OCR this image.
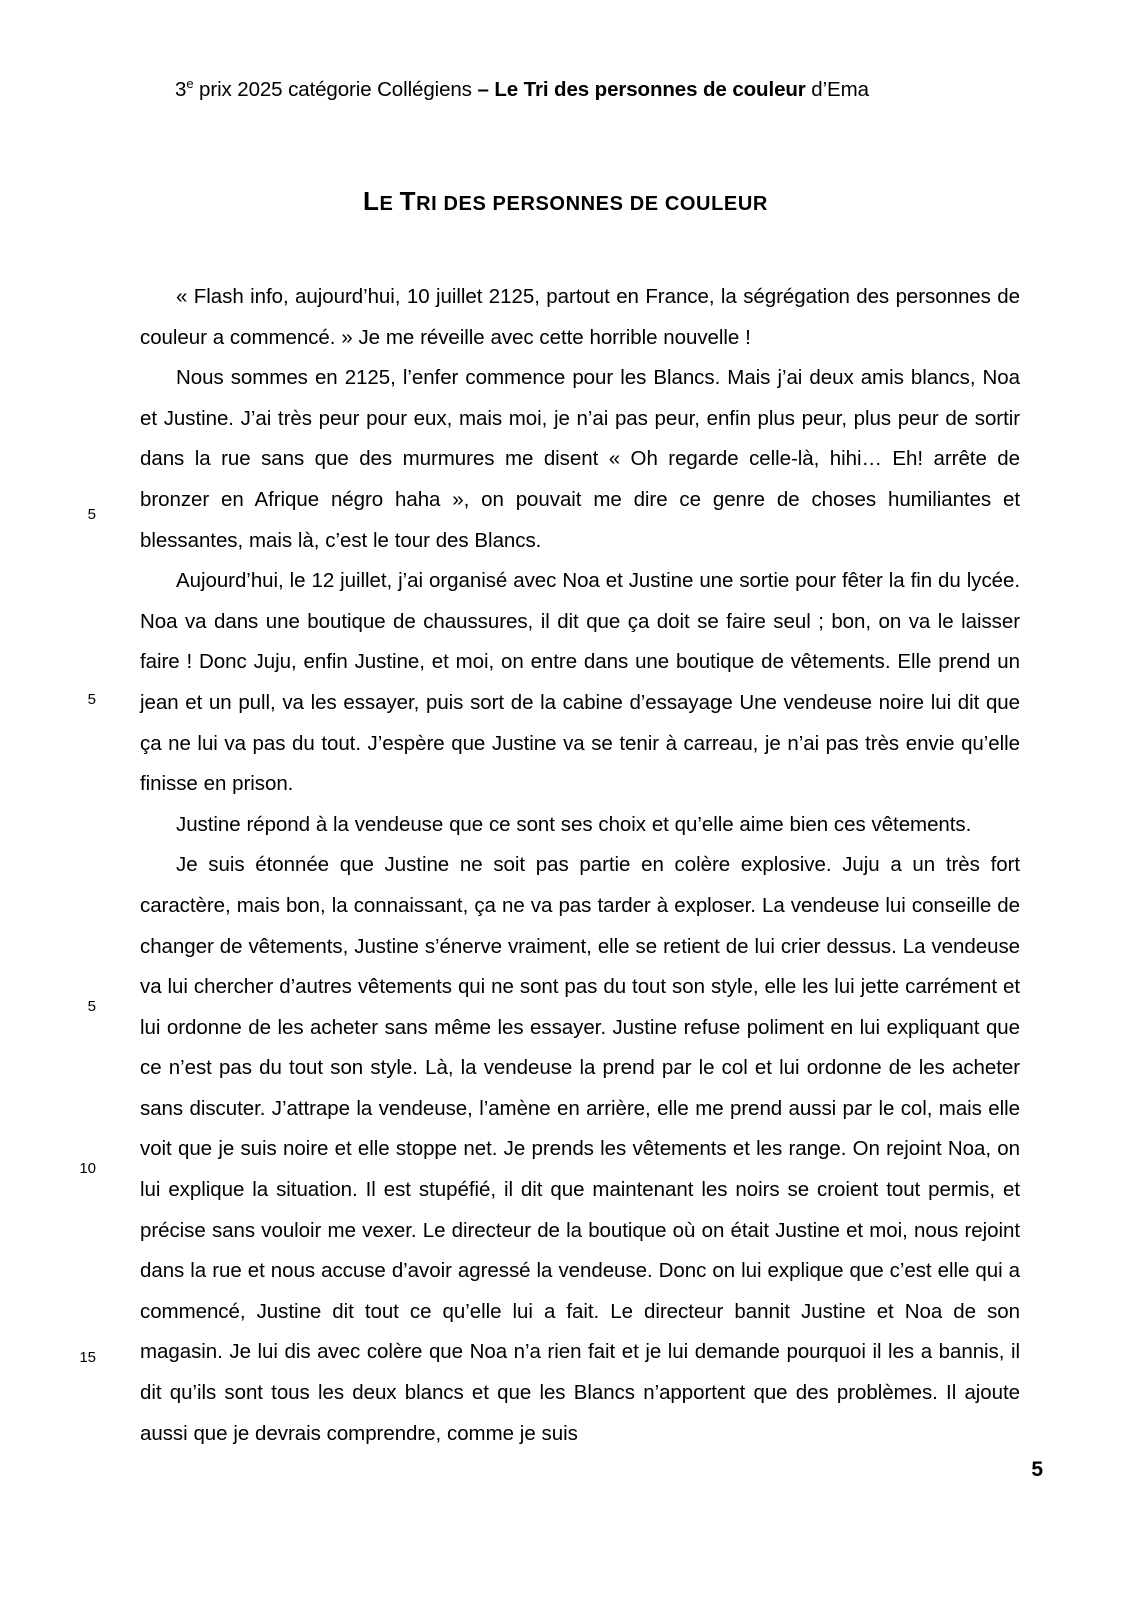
3e prix 2025 catégorie Collégiens – Le Tri des personnes de couleur d’Ema
LE TRI DES PERSONNES DE COULEUR
5
5
5
10
15

« Flash info, aujourd’hui, 10 juillet 2125, partout en France, la ségrégation des personnes de couleur a commencé. » Je me réveille avec cette horrible nouvelle !

Nous sommes en 2125, l’enfer commence pour les Blancs. Mais j’ai deux amis blancs, Noa et Justine. J’ai très peur pour eux, mais moi, je n’ai pas peur, enfin plus peur, plus peur de sortir dans la rue sans que des murmures me disent « Oh regarde celle-là, hihi… Eh! arrête de bronzer en Afrique négro haha », on pouvait me dire ce genre de choses humiliantes et blessantes, mais là, c’est le tour des Blancs.

Aujourd’hui, le 12 juillet, j’ai organisé avec Noa et Justine une sortie pour fêter la fin du lycée. Noa va dans une boutique de chaussures, il dit que ça doit se faire seul ; bon, on va le laisser faire ! Donc Juju, enfin Justine, et moi, on entre dans une boutique de vêtements. Elle prend un jean et un pull, va les essayer, puis sort de la cabine d’essayage Une vendeuse noire lui dit que ça ne lui va pas du tout. J’espère que Justine va se tenir à carreau, je n’ai pas très envie qu’elle finisse en prison.

Justine répond à la vendeuse que ce sont ses choix et qu’elle aime bien ces vêtements.

Je suis étonnée que Justine ne soit pas partie en colère explosive. Juju a un très fort caractère, mais bon, la connaissant, ça ne va pas tarder à exploser. La vendeuse lui conseille de changer de vêtements, Justine s’énerve vraiment, elle se retient de lui crier dessus. La vendeuse va lui chercher d’autres vêtements qui ne sont pas du tout son style, elle les lui jette carrément et lui ordonne de les acheter sans même les essayer. Justine refuse poliment en lui expliquant que ce n’est pas du tout son style. Là, la vendeuse la prend par le col et lui ordonne de les acheter sans discuter. J’attrape la vendeuse, l’amène en arrière, elle me prend aussi par le col, mais elle voit que je suis noire et elle stoppe net. Je prends les vêtements et les range. On rejoint Noa, on lui explique la situation. Il est stupéfié, il dit que maintenant les noirs se croient tout permis, et précise sans vouloir me vexer. Le directeur de la boutique où on était Justine et moi, nous rejoint dans la rue et nous accuse d’avoir agressé la vendeuse. Donc on lui explique que c’est elle qui a commencé, Justine dit tout ce qu’elle lui a fait. Le directeur bannit Justine et Noa de son magasin. Je lui dis avec colère que Noa n’a rien fait et je lui demande pourquoi il les a bannis, il dit qu’ils sont tous les deux blancs et que les Blancs n’apportent que des problèmes. Il ajoute aussi que je devrais comprendre, comme je suis

5
